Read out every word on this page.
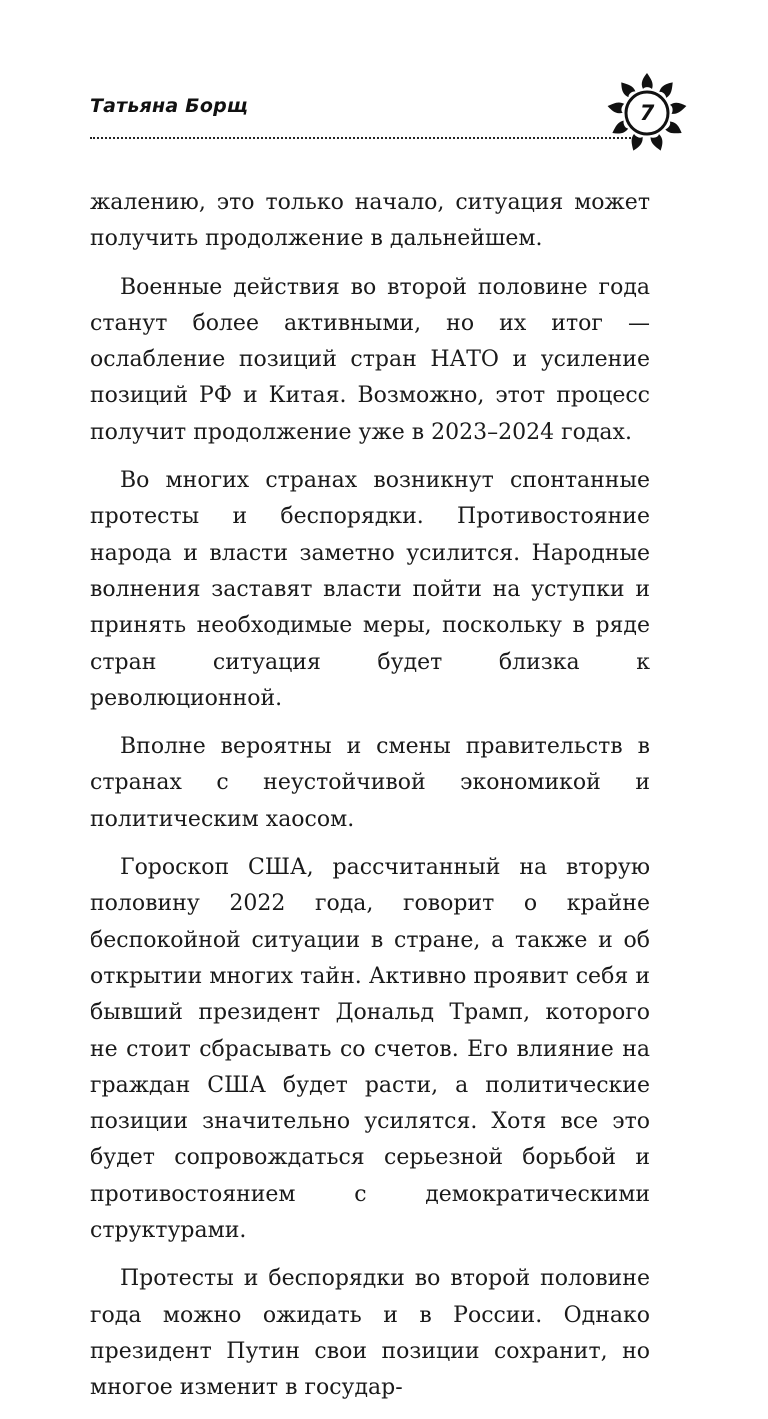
Татьяна Борщ	7

жалению, это только начало, ситуация может получить продолжение в дальнейшем.

Военные действия во второй половине года станут более активными, но их итог — ослабление позиций стран НАТО и усиление позиций РФ и Китая. Возможно, этот процесс получит продолжение уже в 2023–2024 годах.

Во многих странах возникнут спонтанные протесты и беспорядки. Противостояние народа и власти заметно усилится. Народные волнения заставят власти пойти на уступки и принять необходимые меры, поскольку в ряде стран ситуация будет близка к революционной.

Вполне вероятны и смены правительств в странах с неустойчивой экономикой и политическим хаосом.

Гороскоп США, рассчитанный на вторую половину 2022 года, говорит о крайне беспокойной ситуации в стране, а также и об открытии многих тайн. Активно проявит себя и бывший президент Дональд Трамп, которого не стоит сбрасывать со счетов. Его влияние на граждан США будет расти, а политические позиции значительно усилятся. Хотя все это будет сопровождаться серьезной борьбой и противостоянием с демократическими структурами.

Протесты и беспорядки во второй половине года можно ожидать и в России. Однако президент Путин свои позиции сохранит, но многое изменит в государ-
